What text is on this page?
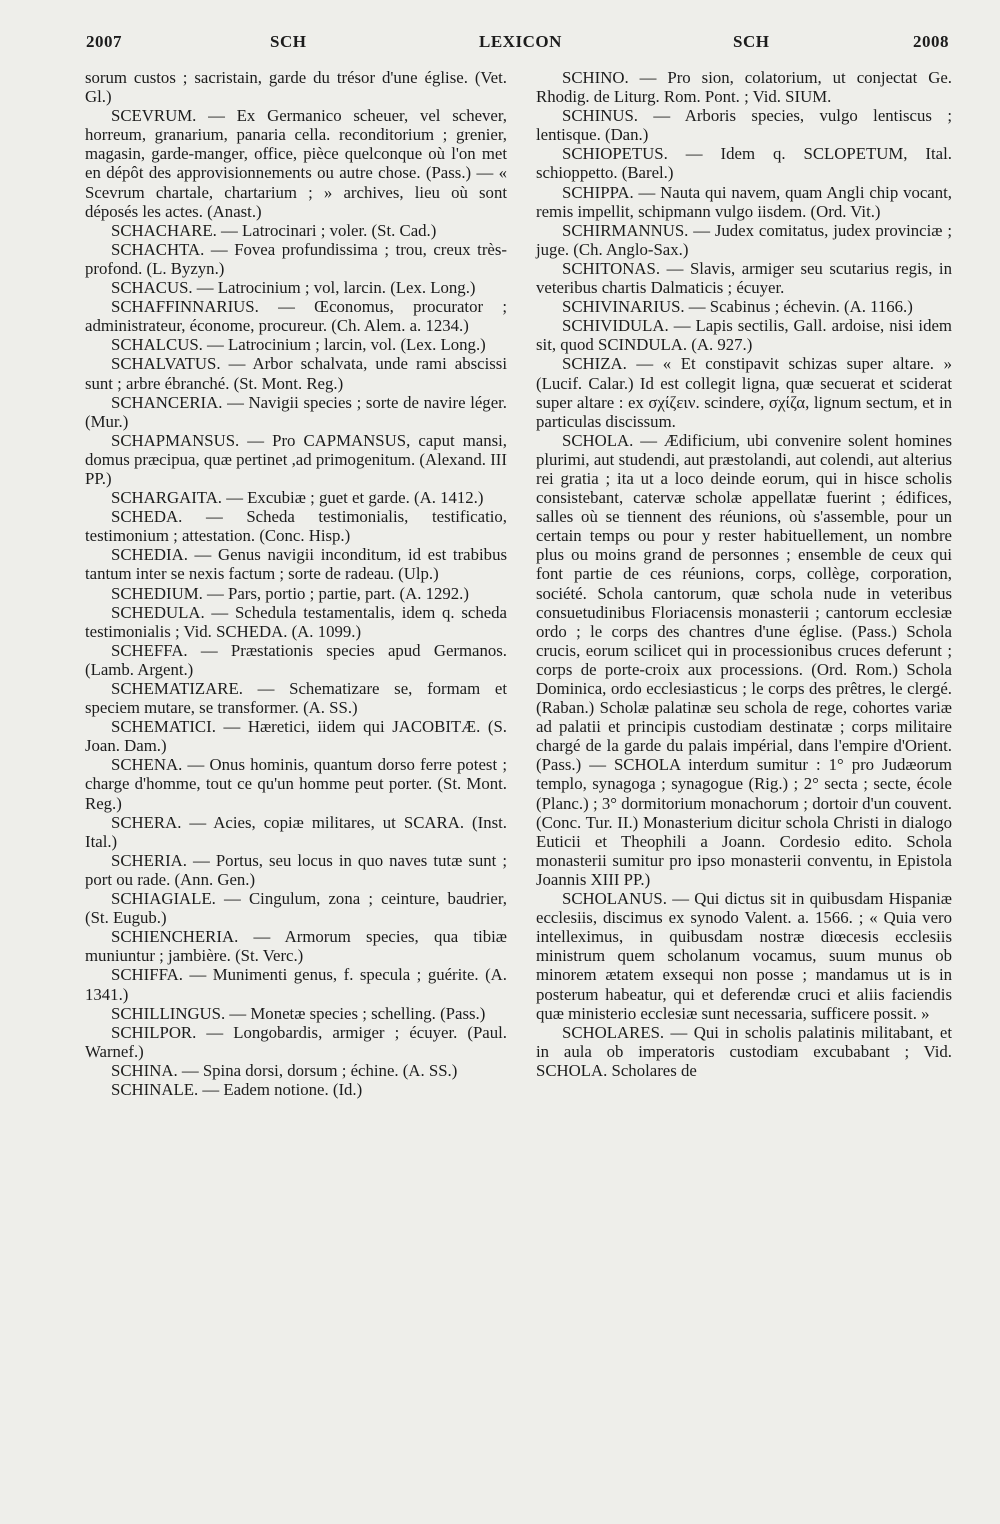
2007	SCH	LEXICON	SCH	2008

sorum custos ; sacristain, garde du trésor d'une église. (Vet. Gl.)

SCEVRUM. — Ex Germanico scheuer, vel schever, horreum, granarium, panaria cella. reconditorium ; grenier, magasin, garde-manger, office, pièce quelconque où l'on met en dépôt des approvisionnements ou autre chose. (Pass.) — « Scevrum chartale, chartarium ; » archives, lieu où sont déposés les actes. (Anast.)

SCHACHARE. — Latrocinari ; voler. (St. Cad.)

SCHACHTA. — Fovea profundissima ; trou, creux très-profond. (L. Byzyn.)

SCHACUS. — Latrocinium ; vol, larcin. (Lex. Long.)

SCHAFFINNARIUS. — Œconomus, procurator ; administrateur, économe, procureur. (Ch. Alem. a. 1234.)

SCHALCUS. — Latrocinium ; larcin, vol. (Lex. Long.)

SCHALVATUS. — Arbor schalvata, unde rami abscissi sunt ; arbre ébranché. (St. Mont. Reg.)

SCHANCERIA. — Navigii species ; sorte de navire léger. (Mur.)

SCHAPMANSUS. — Pro CAPMANSUS, caput mansi, domus præcipua, quæ pertinet ,ad primogenitum. (Alexand. III PP.)

SCHARGAITA. — Excubiæ ; guet et garde. (A. 1412.)

SCHEDA. — Scheda testimonialis, testificatio, testimonium ; attestation. (Conc. Hisp.)

SCHEDIA. — Genus navigii inconditum, id est trabibus tantum inter se nexis factum ; sorte de radeau. (Ulp.)

SCHEDIUM. — Pars, portio ; partie, part. (A. 1292.)

SCHEDULA. — Schedula testamentalis, idem q. scheda testimonialis ; Vid. SCHEDA. (A. 1099.)

SCHEFFA. — Præstationis species apud Germanos. (Lamb. Argent.)

SCHEMATIZARE. — Schematizare se, formam et speciem mutare, se transformer. (A. SS.)

SCHEMATICI. — Hæretici, iidem qui JACOBITÆ. (S. Joan. Dam.)

SCHENA. — Onus hominis, quantum dorso ferre potest ; charge d'homme, tout ce qu'un homme peut porter. (St. Mont. Reg.)

SCHERA. — Acies, copiæ militares, ut SCARA. (Inst. Ital.)

SCHERIA. — Portus, seu locus in quo naves tutæ sunt ; port ou rade. (Ann. Gen.)

SCHIAGIALE. — Cingulum, zona ; ceinture, baudrier, (St. Eugub.)

SCHIENCHERIA. — Armorum species, qua tibiæ muniuntur ; jambière. (St. Verc.)

SCHIFFA. — Munimenti genus, f. specula ; guérite. (A. 1341.)

SCHILLINGUS. — Monetæ species ; schelling. (Pass.)

SCHILPOR. — Longobardis, armiger ; écuyer. (Paul. Warnef.)

SCHINA. — Spina dorsi, dorsum ; échine. (A. SS.)

SCHINALE. — Eadem notione. (Id.)

SCHINO. — Pro sion, colatorium, ut conjectat Ge. Rhodig. de Liturg. Rom. Pont. ; Vid. SIUM.

SCHINUS. — Arboris species, vulgo lentiscus ; lentisque. (Dan.)

SCHIOPETUS. — Idem q. SCLOPETUM, Ital. schioppetto. (Barel.)

SCHIPPA. — Nauta qui navem, quam Angli chip vocant, remis impellit, schipmann vulgo iisdem. (Ord. Vit.)

SCHIRMANNUS. — Judex comitatus, judex provinciæ ; juge. (Ch. Anglo-Sax.)

SCHITONAS. — Slavis, armiger seu scutarius regis, in veteribus chartis Dalmaticis ; écuyer.

SCHIVINARIUS. — Scabinus ; échevin. (A. 1166.)

SCHIVIDULA. — Lapis sectilis, Gall. ardoise, nisi idem sit, quod SCINDULA. (A. 927.)

SCHIZA. — « Et constipavit schizas super altare. » (Lucif. Calar.) Id est collegit ligna, quæ secuerat et sciderat super altare : ex σχίζειν. scindere, σχίζα, lignum sectum, et in particulas discissum.

SCHOLA. — Ædificium, ubi convenire solent homines plurimi, aut studendi, aut præstolandi, aut colendi, aut alterius rei gratia ; ita ut a loco deinde eorum, qui in hisce scholis consistebant, catervæ scholæ appellatæ fuerint ; édifices, salles où se tiennent des réunions, où s'assemble, pour un certain temps ou pour y rester habituellement, un nombre plus ou moins grand de personnes ; ensemble de ceux qui font partie de ces réunions, corps, collège, corporation, société. Schola cantorum, quæ schola nude in veteribus consuetudinibus Floriacensis monasterii ; cantorum ecclesiæ ordo ; le corps des chantres d'une église. (Pass.) Schola crucis, eorum scilicet qui in processionibus cruces deferunt ; corps de porte-croix aux processions. (Ord. Rom.) Schola Dominica, ordo ecclesiasticus ; le corps des prêtres, le clergé. (Raban.) Scholæ palatinæ seu schola de rege, cohortes variæ ad palatii et principis custodiam destinatæ ; corps militaire chargé de la garde du palais impérial, dans l'empire d'Orient. (Pass.) — SCHOLA interdum sumitur : 1° pro Judæorum templo, synagoga ; synagogue (Rig.) ; 2° secta ; secte, école (Planc.) ; 3° dormitorium monachorum ; dortoir d'un couvent. (Conc. Tur. II.) Monasterium dicitur schola Christi in dialogo Euticii et Theophili a Joann. Cordesio edito. Schola monasterii sumitur pro ipso monasterii conventu, in Epistola Joannis XIII PP.)

SCHOLANUS. — Qui dictus sit in quibusdam Hispaniæ ecclesiis, discimus ex synodo Valent. a. 1566. ; « Quia vero intelleximus, in quibusdam nostræ diœcesis ecclesiis ministrum quem scholanum vocamus, suum munus ob minorem ætatem exsequi non posse ; mandamus ut is in posterum habeatur, qui et deferendæ cruci et aliis faciendis quæ ministerio ecclesiæ sunt necessaria, sufficere possit. »

SCHOLARES. — Qui in scholis palatinis militabant, et in aula ob imperatoris custodiam excubabant ; Vid. SCHOLA. Scholares de
